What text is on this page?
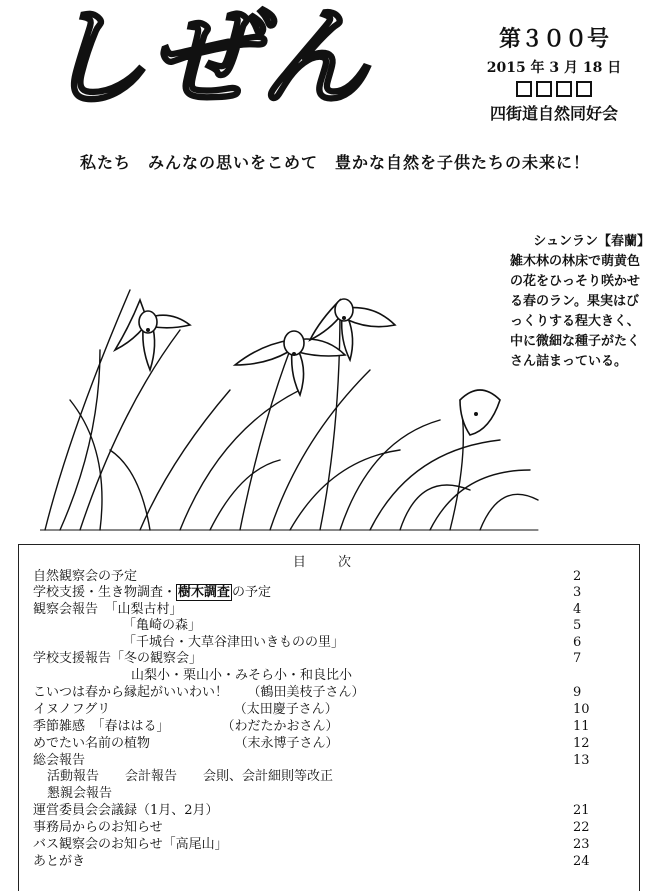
しぜん	第３００号
2015 年 3 月 18 日
四街道自然同好会
私たち　みんなの思いをこめて　豊かな自然を子供たちの未来に！
シュンラン【春蘭】
雑木林の林床で萌黄色の花をひっそり咲かせる春のラン。果実はびっくりする程大きく、中に微細な種子がたくさん詰まっている。
目 次
自然観察会の予定	2
学校支援・生き物調査・ 樹木調査 の予定	3
観察会報告　「山梨古村」	4
「亀崎の森」	5
「千城台・大草谷津田いきものの里」	6
学校支援報告「冬の観察会」	7
山梨小・栗山小・みそら小・和良比小
こいつは春から縁起がいいわい！　　（鶴田美枝子さん）	9
イヌノフグリ　　　　　　　　　　（太田慶子さん）	10
季節雑感　「春ははる」　　　　　（わだたかおさん）	11
めでたい名前の植物　　　　　　　（末永博子さん）	12
総会報告	13
活動報告　　会計報告　　会則、会計細則等改正
懇親会報告
運営委員会会議録（1月、2月）	21
事務局からのお知らせ	22
バス観察会のお知らせ「高尾山」	23
あとがき	24
